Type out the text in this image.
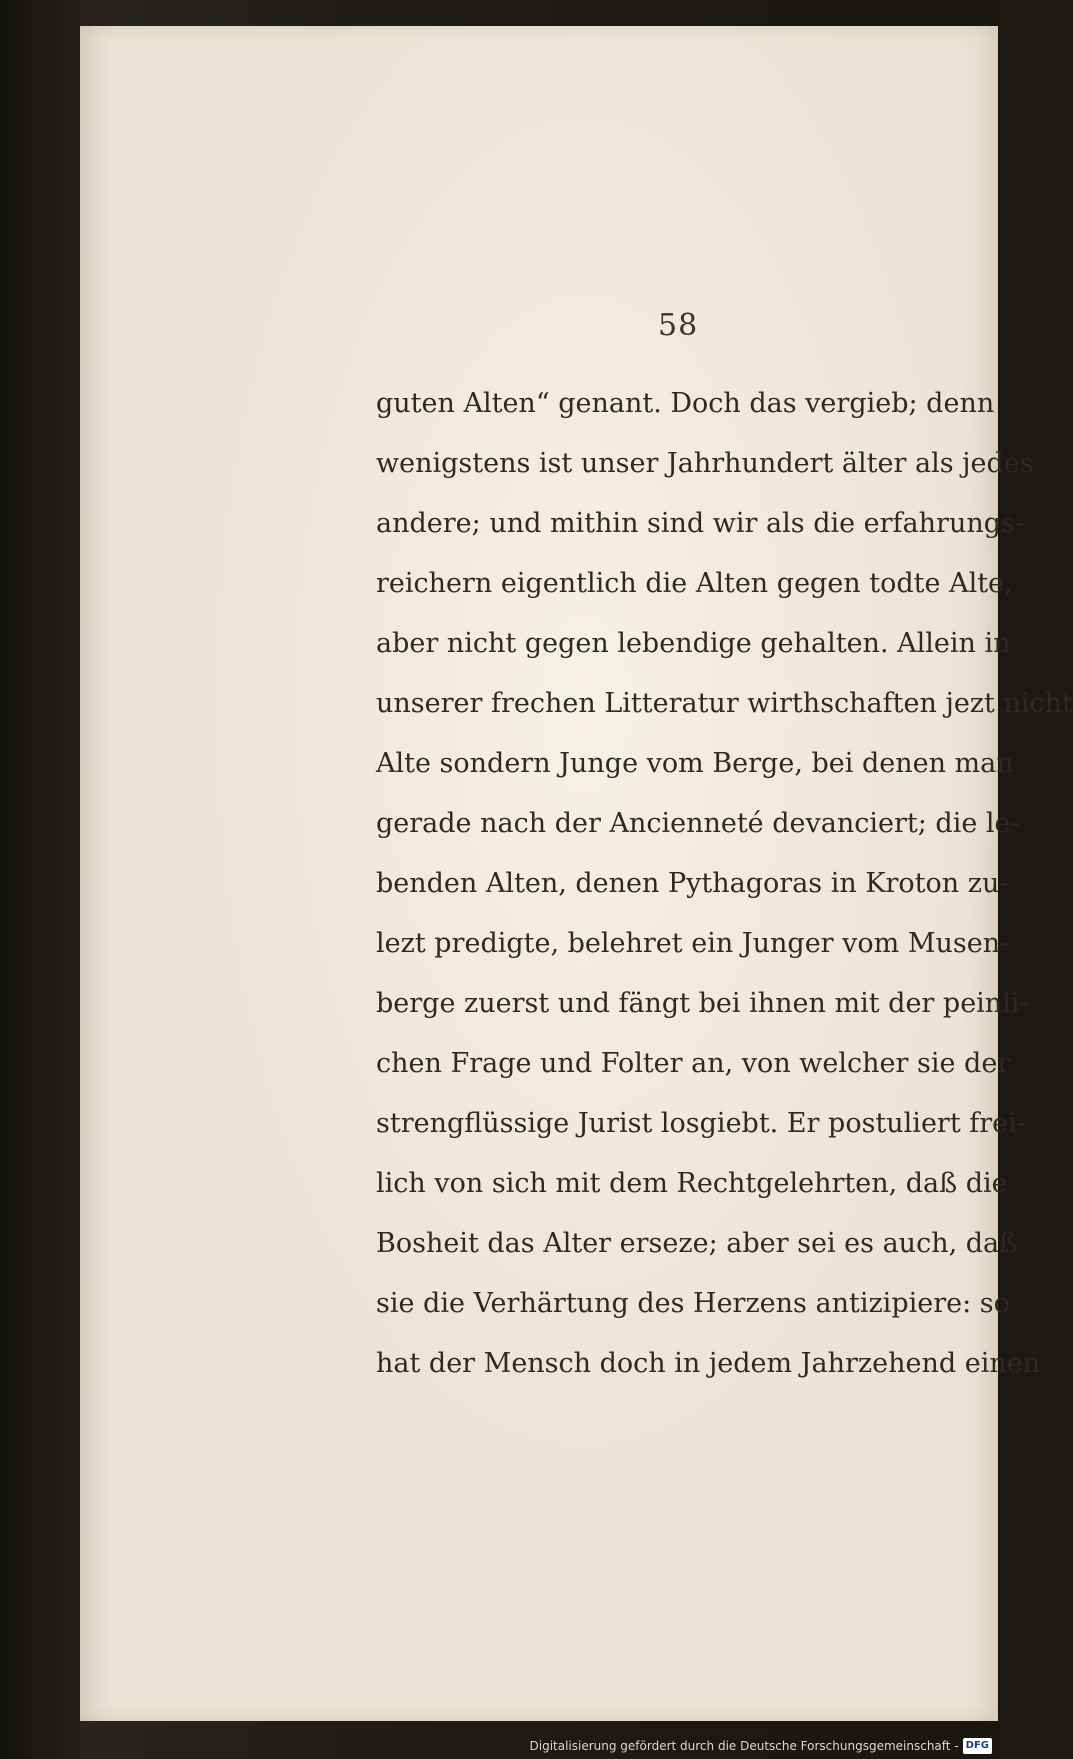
58
guten Alten“ genant. Doch das vergieb; denn
wenigstens ist unser Jahrhundert älter als jedes
andere; und mithin sind wir als die erfahrungs-
reichern eigentlich die Alten gegen todte Alte,
aber nicht gegen lebendige gehalten. Allein in
unserer frechen Litteratur wirthschaften jezt nicht
Alte sondern Junge vom Berge, bei denen man
gerade nach der Ancienneté devanciert; die le-
benden Alten, denen Pythagoras in Kroton zu-
lezt predigte, belehret ein Junger vom Musen-
berge zuerst und fängt bei ihnen mit der peinli-
chen Frage und Folter an, von welcher sie der
strengflüssige Jurist losgiebt. Er postuliert frei-
lich von sich mit dem Rechtgelehrten, daß die
Bosheit das Alter ersezе; aber sei es auch, daß
sie die Verhärtung des Herzens antizipiere: so
hat der Mensch doch in jedem Jahrzehend einen
Digitalisierung gefördert durch die Deutsche Forschungsgemeinschaft - DFG
